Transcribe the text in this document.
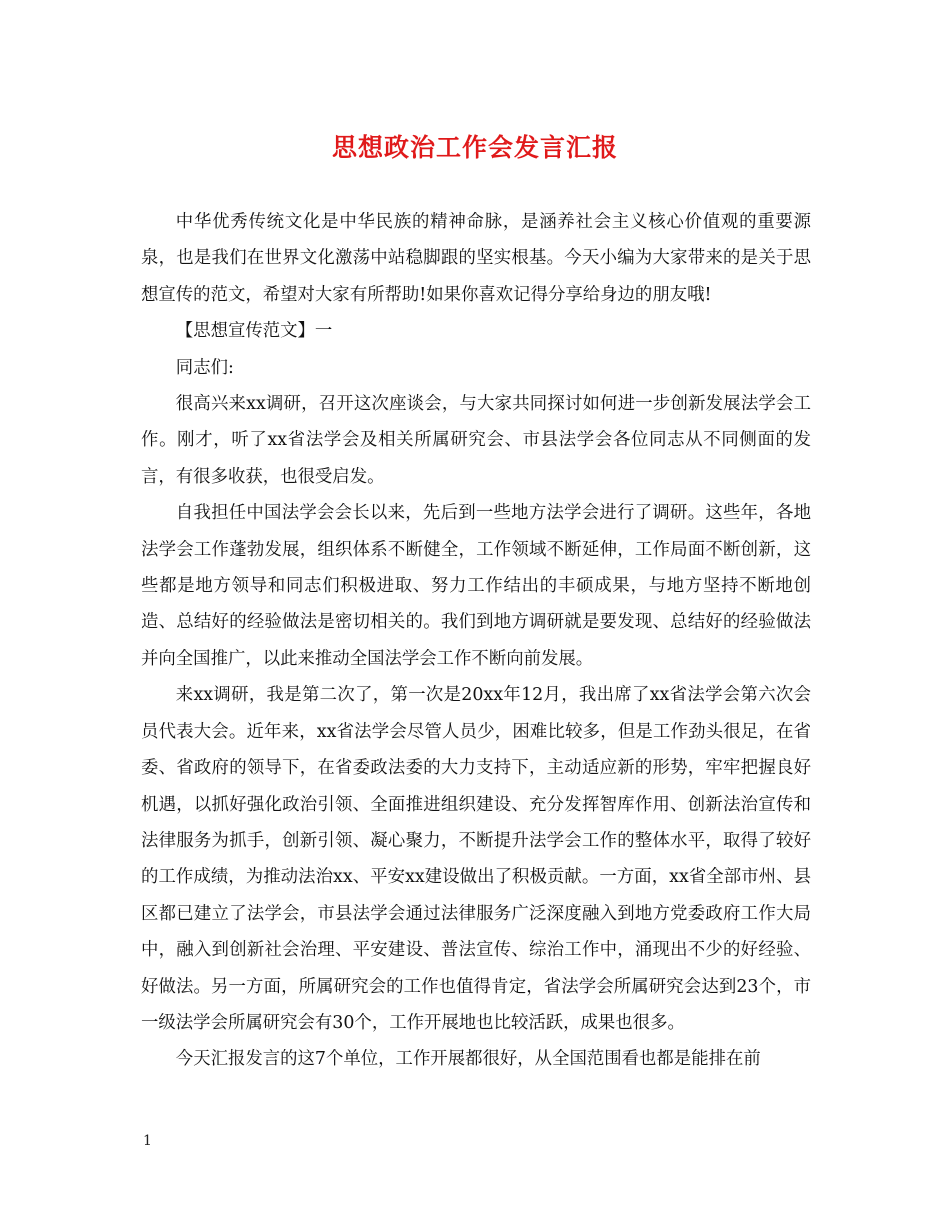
思想政治工作会发言汇报

中华优秀传统文化是中华民族的精神命脉，是涵养社会主义核心价值观的重要源泉，也是我们在世界文化激荡中站稳脚跟的坚实根基。今天小编为大家带来的是关于思想宣传的范文，希望对大家有所帮助!如果你喜欢记得分享给身边的朋友哦!

【思想宣传范文】一

同志们:

很高兴来xx调研，召开这次座谈会，与大家共同探讨如何进一步创新发展法学会工作。刚才，听了xx省法学会及相关所属研究会、市县法学会各位同志从不同侧面的发言，有很多收获，也很受启发。

自我担任中国法学会会长以来，先后到一些地方法学会进行了调研。这些年，各地法学会工作蓬勃发展，组织体系不断健全，工作领域不断延伸，工作局面不断创新，这些都是地方领导和同志们积极进取、努力工作结出的丰硕成果，与地方坚持不断地创造、总结好的经验做法是密切相关的。我们到地方调研就是要发现、总结好的经验做法并向全国推广，以此来推动全国法学会工作不断向前发展。

来xx调研，我是第二次了，第一次是20xx年12月，我出席了xx省法学会第六次会员代表大会。近年来，xx省法学会尽管人员少，困难比较多，但是工作劲头很足，在省委、省政府的领导下，在省委政法委的大力支持下，主动适应新的形势，牢牢把握良好机遇，以抓好强化政治引领、全面推进组织建设、充分发挥智库作用、创新法治宣传和法律服务为抓手，创新引领、凝心聚力，不断提升法学会工作的整体水平，取得了较好的工作成绩，为推动法治xx、平安xx建设做出了积极贡献。一方面，xx省全部市州、县区都已建立了法学会，市县法学会通过法律服务广泛深度融入到地方党委政府工作大局中，融入到创新社会治理、平安建设、普法宣传、综治工作中，涌现出不少的好经验、好做法。另一方面，所属研究会的工作也值得肯定，省法学会所属研究会达到23个，市一级法学会所属研究会有30个，工作开展地也比较活跃，成果也很多。

今天汇报发言的这7个单位，工作开展都很好，从全国范围看也都是能排在前

1
